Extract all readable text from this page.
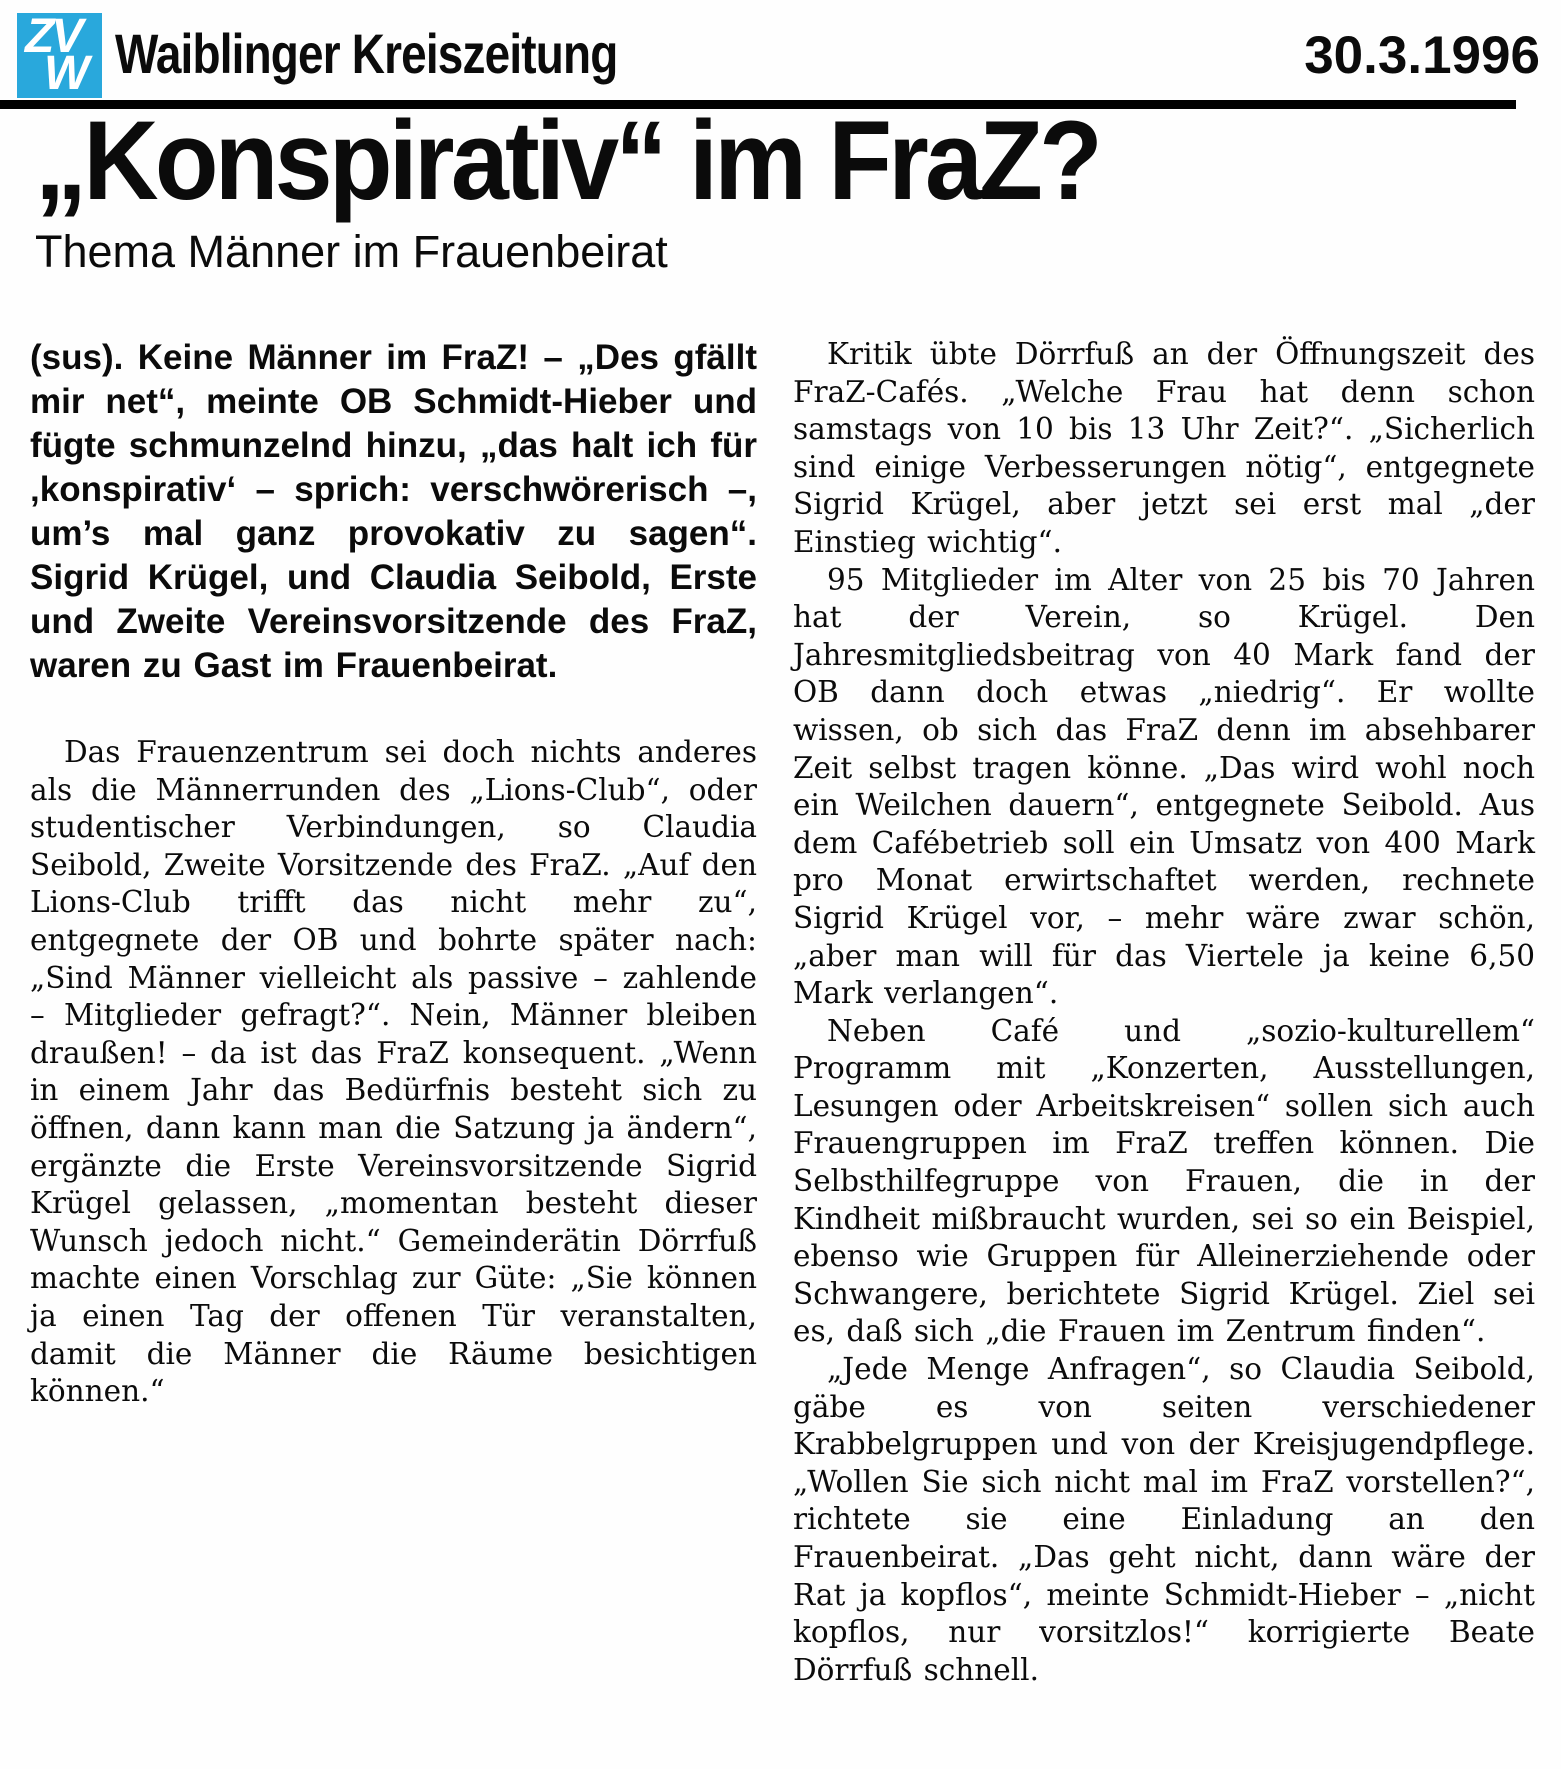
ZV
W Waiblinger Kreiszeitung	30.3.1996
„Konspirativ“ im FraZ?
Thema Männer im Frauenbeirat

(sus). Keine Männer im FraZ! – „Des gfällt mir net“, meinte OB Schmidt-Hieber und fügte schmunzelnd hinzu, „das halt ich für ‚konspirativ‘ – sprich: verschwörerisch –, um’s mal ganz provokativ zu sagen“. Sigrid Krügel, und Claudia Seibold, Erste und Zweite Vereinsvorsitzende des FraZ, waren zu Gast im Frauenbeirat.

Das Frauenzentrum sei doch nichts anderes als die Männerrunden des „Lions-Club“, oder studentischer Verbindungen, so Claudia Seibold, Zweite Vorsitzende des FraZ. „Auf den Lions-Club trifft das nicht mehr zu“, entgegnete der OB und bohrte später nach: „Sind Männer vielleicht als passive – zahlende – Mitglieder gefragt?“. Nein, Männer bleiben draußen! – da ist das FraZ konsequent. „Wenn in einem Jahr das Bedürfnis besteht sich zu öffnen, dann kann man die Satzung ja ändern“, ergänzte die Erste Vereinsvorsitzende Sigrid Krügel gelassen, „momentan besteht dieser Wunsch jedoch nicht.“ Gemeinderätin Dörrfuß machte einen Vorschlag zur Güte: „Sie können ja einen Tag der offenen Tür veranstalten, damit die Männer die Räume besichtigen können.“

Kritik übte Dörrfuß an der Öffnungszeit des FraZ-Cafés. „Welche Frau hat denn schon samstags von 10 bis 13 Uhr Zeit?“. „Sicherlich sind einige Verbesserungen nötig“, entgegnete Sigrid Krügel, aber jetzt sei erst mal „der Einstieg wichtig“.

95 Mitglieder im Alter von 25 bis 70 Jahren hat der Verein, so Krügel. Den Jahresmitgliedsbeitrag von 40 Mark fand der OB dann doch etwas „niedrig“. Er wollte wissen, ob sich das FraZ denn im absehbarer Zeit selbst tragen könne. „Das wird wohl noch ein Weilchen dauern“, entgegnete Seibold. Aus dem Cafébetrieb soll ein Umsatz von 400 Mark pro Monat erwirtschaftet werden, rechnete Sigrid Krügel vor, – mehr wäre zwar schön, „aber man will für das Viertele ja keine 6,50 Mark verlangen“.

Neben Café und „sozio-kulturellem“ Programm mit „Konzerten, Ausstellungen, Lesungen oder Arbeitskreisen“ sollen sich auch Frauengruppen im FraZ treffen können. Die Selbsthilfegruppe von Frauen, die in der Kindheit mißbraucht wurden, sei so ein Beispiel, ebenso wie Gruppen für Alleinerziehende oder Schwangere, berichtete Sigrid Krügel. Ziel sei es, daß sich „die Frauen im Zentrum finden“.

„Jede Menge Anfragen“, so Claudia Seibold, gäbe es von seiten verschiedener Krabbelgruppen und von der Kreisjugendpflege. „Wollen Sie sich nicht mal im FraZ vorstellen?“, richtete sie eine Einladung an den Frauenbeirat. „Das geht nicht, dann wäre der Rat ja kopflos“, meinte Schmidt-Hieber – „nicht kopflos, nur vorsitzlos!“ korrigierte Beate Dörrfuß schnell.
